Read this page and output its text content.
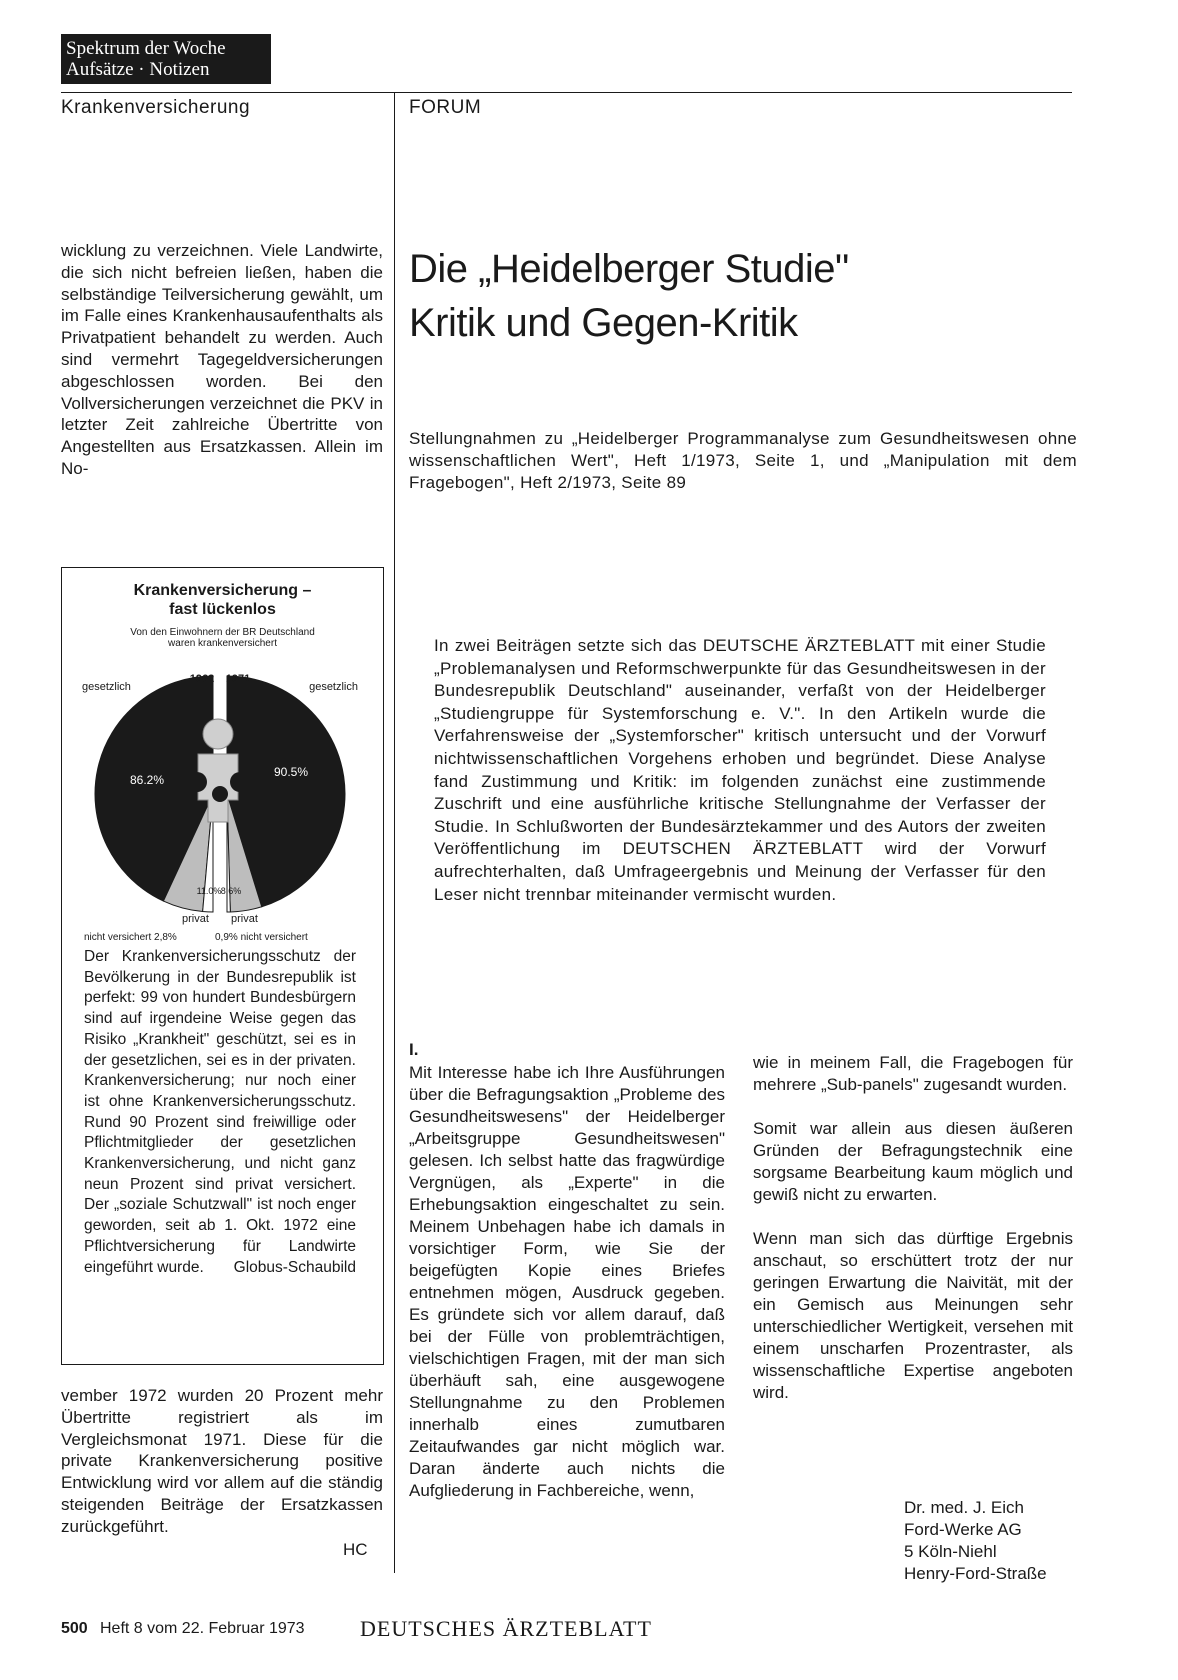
Spektrum der Woche
Aufsätze · Notizen
Krankenversicherung	FORUM
wicklung zu verzeichnen. Viele Landwirte, die sich nicht befreien ließen, haben die selbständige Teilversicherung gewählt, um im Falle eines Krankenhausaufenthalts als Privatpatient behandelt zu werden. Auch sind vermehrt Tagegeldversicherungen abgeschlossen worden. Bei den Vollversicherungen verzeichnet die PKV in letzter Zeit zahlreiche Übertritte von Angestellten aus Ersatzkassen. Allein im No-
Die „Heidelberger Studie"
Kritik und Gegen-Kritik
Stellungnahmen zu „Heidelberger Programmanalyse zum Gesundheitswesen ohne wissenschaftlichen Wert", Heft 1/1973, Seite 1, und „Manipulation mit dem Fragebogen", Heft 2/1973, Seite 89
In zwei Beiträgen setzte sich das DEUTSCHE ÄRZTEBLATT mit einer Studie „Problemanalysen und Reformschwerpunkte für das Gesundheitswesen in der Bundesrepublik Deutschland" auseinander, verfaßt von der Heidelberger „Studiengruppe für Systemforschung e. V.". In den Artikeln wurde die Verfahrensweise der „Systemforscher" kritisch untersucht und der Vorwurf nichtwissenschaftlichen Vorgehens erhoben und begründet. Diese Analyse fand Zustimmung und Kritik: im folgenden zunächst eine zustimmende Zuschrift und eine ausführliche kritische Stellungnahme der Verfasser der Studie. In Schlußworten der Bundesärztekammer und des Autors der zweiten Veröffentlichung im DEUTSCHEN ÄRZTEBLATT wird der Vorwurf aufrechterhalten, daß Umfrageergebnis und Meinung der Verfasser für den Leser nicht trennbar miteinander vermischt wurden.
Krankenversicherung –
fast lückenlos
Von den Einwohnern der BR Deutschland
waren krankenversichert
1962 1971
gesetzlich	gesetzlich
86.2%
90.5%
11.0% 8.6%
privat privat
nicht versichert 2,8%	0,9% nicht versichert
Der Krankenversicherungsschutz der Bevölkerung in der Bundesrepublik ist perfekt: 99 von hundert Bundesbürgern sind auf irgendeine Weise gegen das Risiko „Krankheit" geschützt, sei es in der gesetzlichen, sei es in der privaten. Krankenversicherung; nur noch einer ist ohne Krankenversicherungsschutz. Rund 90 Prozent sind freiwillige oder Pflichtmitglieder der gesetzlichen Krankenversicherung, und nicht ganz neun Prozent sind privat versichert. Der „soziale Schutzwall" ist noch enger geworden, seit ab 1. Okt. 1972 eine Pflichtversicherung für Landwirte eingeführt wurde. Globus-Schaubild
vember 1972 wurden 20 Prozent mehr Übertritte registriert als im Vergleichsmonat 1971. Diese für die private Krankenversicherung positive Entwicklung wird vor allem auf die ständig steigenden Beiträge der Ersatzkassen zurückgeführt.
HC
I.
Mit Interesse habe ich Ihre Ausführungen über die Befragungsaktion „Probleme des Gesundheitswesens" der Heidelberger „Arbeitsgruppe Gesundheitswesen" gelesen. Ich selbst hatte das fragwürdige Vergnügen, als „Experte" in die Erhebungsaktion eingeschaltet zu sein. Meinem Unbehagen habe ich damals in vorsichtiger Form, wie Sie der beigefügten Kopie eines Briefes entnehmen mögen, Ausdruck gegeben. Es gründete sich vor allem darauf, daß bei der Fülle von problemträchtigen, vielschichtigen Fragen, mit der man sich überhäuft sah, eine ausgewogene Stellungnahme zu den Problemen innerhalb eines zumutbaren Zeitaufwandes gar nicht möglich war. Daran änderte auch nichts die Aufgliederung in Fachbereiche, wenn,

wie in meinem Fall, die Fragebogen für mehrere „Sub-panels" zugesandt wurden.

Somit war allein aus diesen äußeren Gründen der Befragungstechnik eine sorgsame Bearbeitung kaum möglich und gewiß nicht zu erwarten.

Wenn man sich das dürftige Ergebnis anschaut, so erschüttert trotz der nur geringen Erwartung die Naivität, mit der ein Gemisch aus Meinungen sehr unterschiedlicher Wertigkeit, versehen mit einem unscharfen Prozentraster, als wissenschaftliche Expertise angeboten wird.

Dr. med. J. Eich
Ford-Werke AG
5 Köln-Niehl
Henry-Ford-Straße
500 Heft 8 vom 22. Februar 1973	DEUTSCHES ÄRZTEBLATT
